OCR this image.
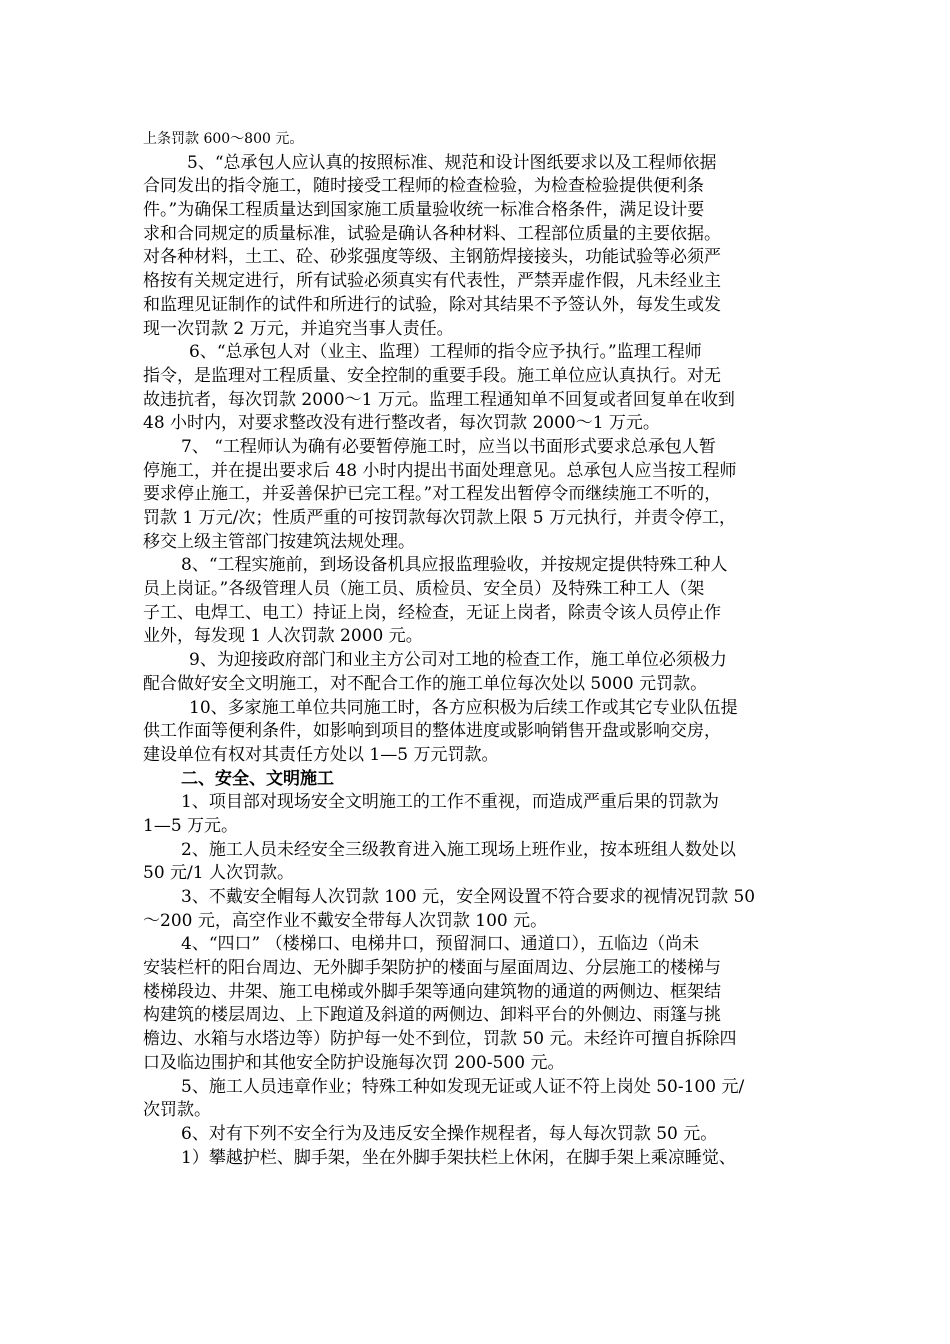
上条罚款 600～800 元。
5、“总承包人应认真的按照标准、规范和设计图纸要求以及工程师依据
合同发出的指令施工，随时接受工程师的检查检验，为检查检验提供便利条
件。”为确保工程质量达到国家施工质量验收统一标准合格条件，满足设计要
求和合同规定的质量标准，试验是确认各种材料、工程部位质量的主要依据。
对各种材料，土工、砼、砂浆强度等级、主钢筋焊接接头，功能试验等必须严
格按有关规定进行，所有试验必须真实有代表性，严禁弄虚作假，凡未经业主
和监理见证制作的试件和所进行的试验，除对其结果不予签认外，每发生或发
现一次罚款 2 万元，并追究当事人责任。
6、“总承包人对（业主、监理）工程师的指令应予执行。”监理工程师
指令，是监理对工程质量、安全控制的重要手段。施工单位应认真执行。对无
故违抗者，每次罚款 2000～1 万元。监理工程通知单不回复或者回复单在收到
48 小时内，对要求整改没有进行整改者，每次罚款 2000～1 万元。
7、 “工程师认为确有必要暂停施工时，应当以书面形式要求总承包人暂
停施工，并在提出要求后 48 小时内提出书面处理意见。总承包人应当按工程师
要求停止施工，并妥善保护已完工程。”对工程发出暂停令而继续施工不听的，
罚款 1 万元/次；性质严重的可按罚款每次罚款上限 5 万元执行，并责令停工，
移交上级主管部门按建筑法规处理。
8、“工程实施前，到场设备机具应报监理验收，并按规定提供特殊工种人
员上岗证。”各级管理人员（施工员、质检员、安全员）及特殊工种工人（架
子工、电焊工、电工）持证上岗，经检查，无证上岗者，除责令该人员停止作
业外，每发现 1 人次罚款 2000 元。
9、为迎接政府部门和业主方公司对工地的检查工作，施工单位必须极力
配合做好安全文明施工，对不配合工作的施工单位每次处以 5000 元罚款。
10、多家施工单位共同施工时，各方应积极为后续工作或其它专业队伍提
供工作面等便利条件，如影响到项目的整体进度或影响销售开盘或影响交房，
建设单位有权对其责任方处以 1—5 万元罚款。
二、安全、文明施工
1、项目部对现场安全文明施工的工作不重视，而造成严重后果的罚款为
1—5 万元。
2、施工人员未经安全三级教育进入施工现场上班作业，按本班组人数处以
50 元/1 人次罚款。
3、不戴安全帽每人次罚款 100 元，安全网设置不符合要求的视情况罚款 50
～200 元，高空作业不戴安全带每人次罚款 100 元。
4、“四口” （楼梯口、电梯井口，预留洞口、通道口），五临边（尚未
安装栏杆的阳台周边、无外脚手架防护的楼面与屋面周边、分层施工的楼梯与
楼梯段边、井架、施工电梯或外脚手架等通向建筑物的通道的两侧边、框架结
构建筑的楼层周边、上下跑道及斜道的两侧边、卸料平台的外侧边、雨篷与挑
檐边、水箱与水塔边等）防护每一处不到位，罚款 50 元。未经许可擅自拆除四
口及临边围护和其他安全防护设施每次罚 200-500 元。
5、施工人员违章作业；特殊工种如发现无证或人证不符上岗处 50-100 元/
次罚款。
6、对有下列不安全行为及违反安全操作规程者，每人每次罚款 50 元。
1）攀越护栏、脚手架，坐在外脚手架扶栏上休闲，在脚手架上乘凉睡觉、
